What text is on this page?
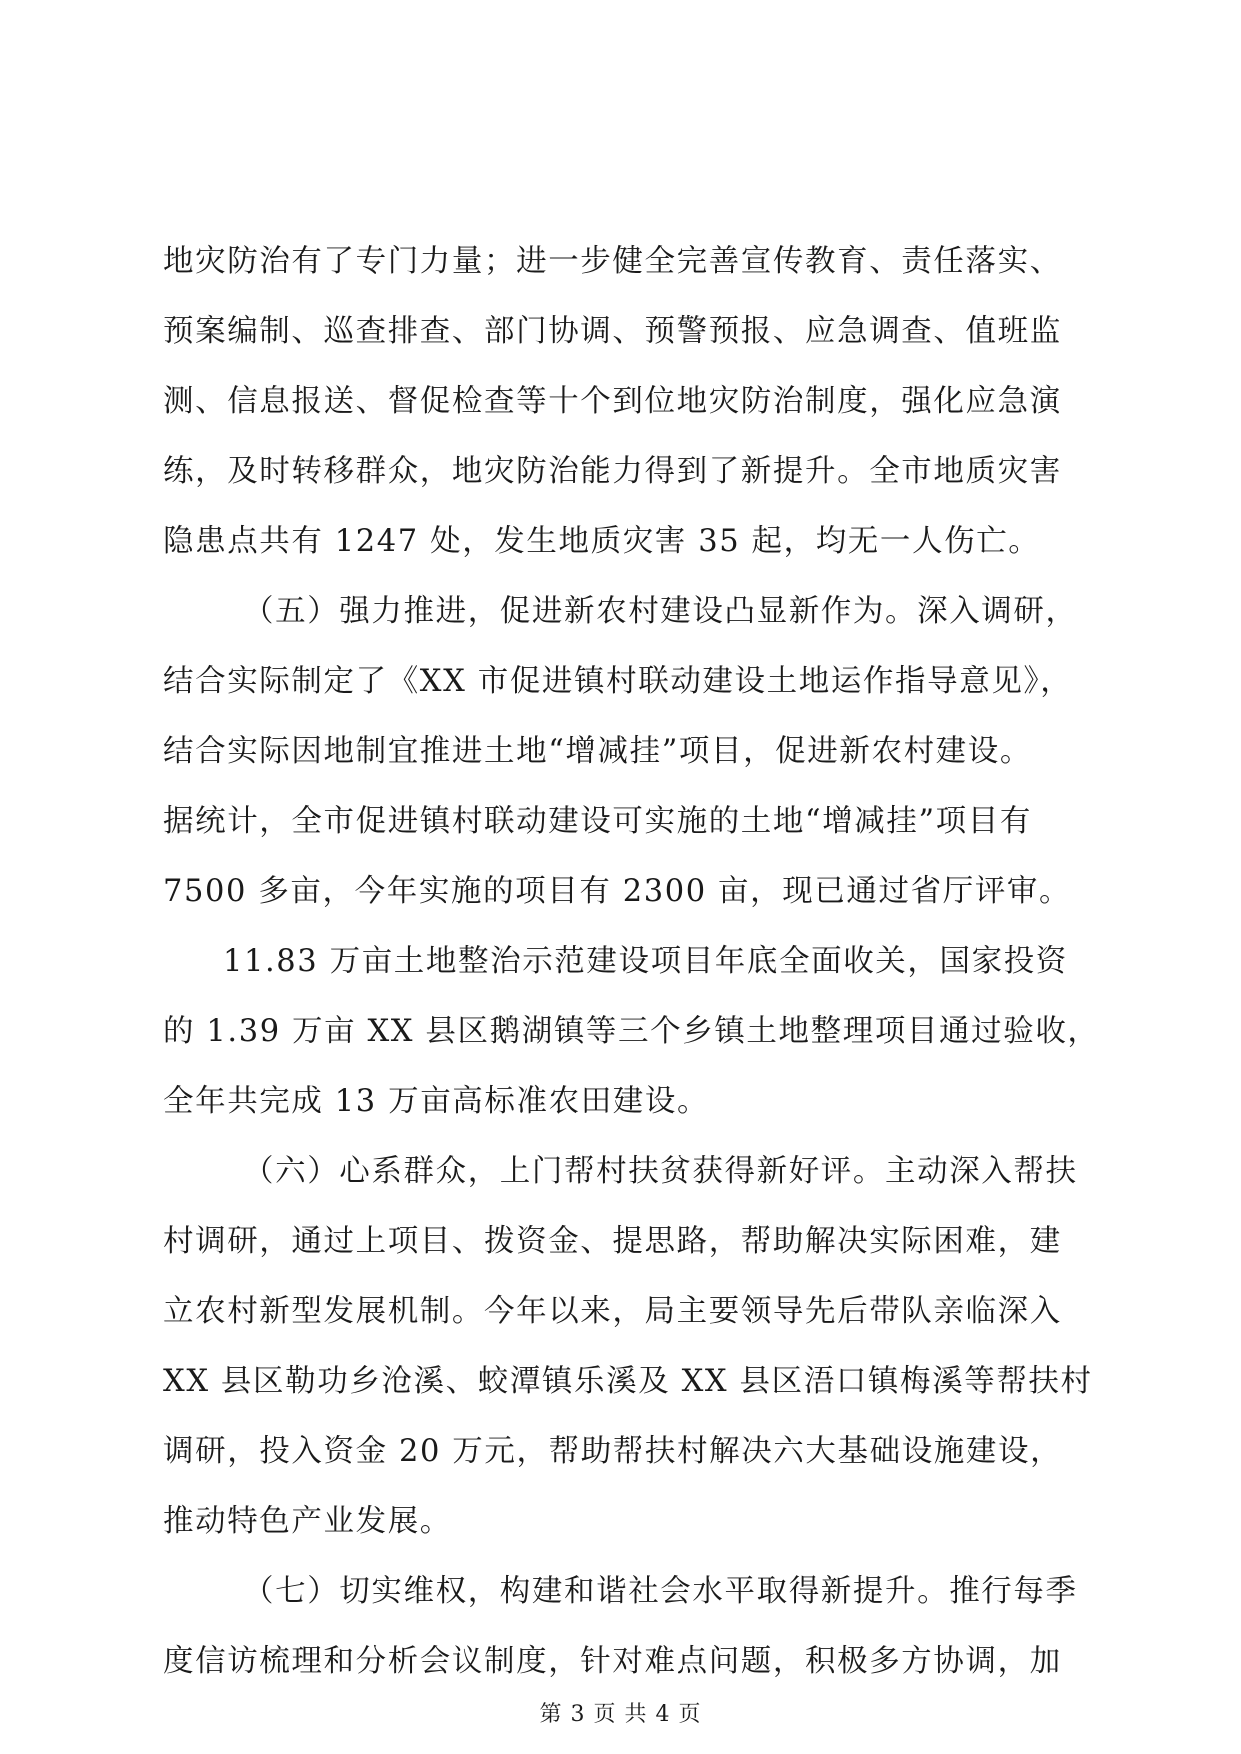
地灾防治有了专门力量；进一步健全完善宣传教育、责任落实、
预案编制、巡查排查、部门协调、预警预报、应急调查、值班监
测、信息报送、督促检查等十个到位地灾防治制度，强化应急演
练，及时转移群众，地灾防治能力得到了新提升。全市地质灾害
隐患点共有 1247 处，发生地质灾害 35 起，均无一人伤亡。
（五）强力推进，促进新农村建设凸显新作为。深入调研，
结合实际制定了《XX 市促进镇村联动建设土地运作指导意见》，
结合实际因地制宜推进土地“增减挂”项目，促进新农村建设。
据统计，全市促进镇村联动建设可实施的土地“增减挂”项目有
7500 多亩，今年实施的项目有 2300 亩，现已通过省厅评审。
11.83 万亩土地整治示范建设项目年底全面收关，国家投资
的 1.39 万亩 XX 县区鹅湖镇等三个乡镇土地整理项目通过验收，
全年共完成 13 万亩高标准农田建设。
（六）心系群众，上门帮村扶贫获得新好评。主动深入帮扶
村调研，通过上项目、拨资金、提思路，帮助解决实际困难，建
立农村新型发展机制。今年以来，局主要领导先后带队亲临深入
XX 县区勒功乡沧溪、蛟潭镇乐溪及 XX 县区浯口镇梅溪等帮扶村
调研，投入资金 20 万元，帮助帮扶村解决六大基础设施建设，
推动特色产业发展。
（七）切实维权，构建和谐社会水平取得新提升。推行每季
度信访梳理和分析会议制度，针对难点问题，积极多方协调，加
第 3 页 共 4 页
